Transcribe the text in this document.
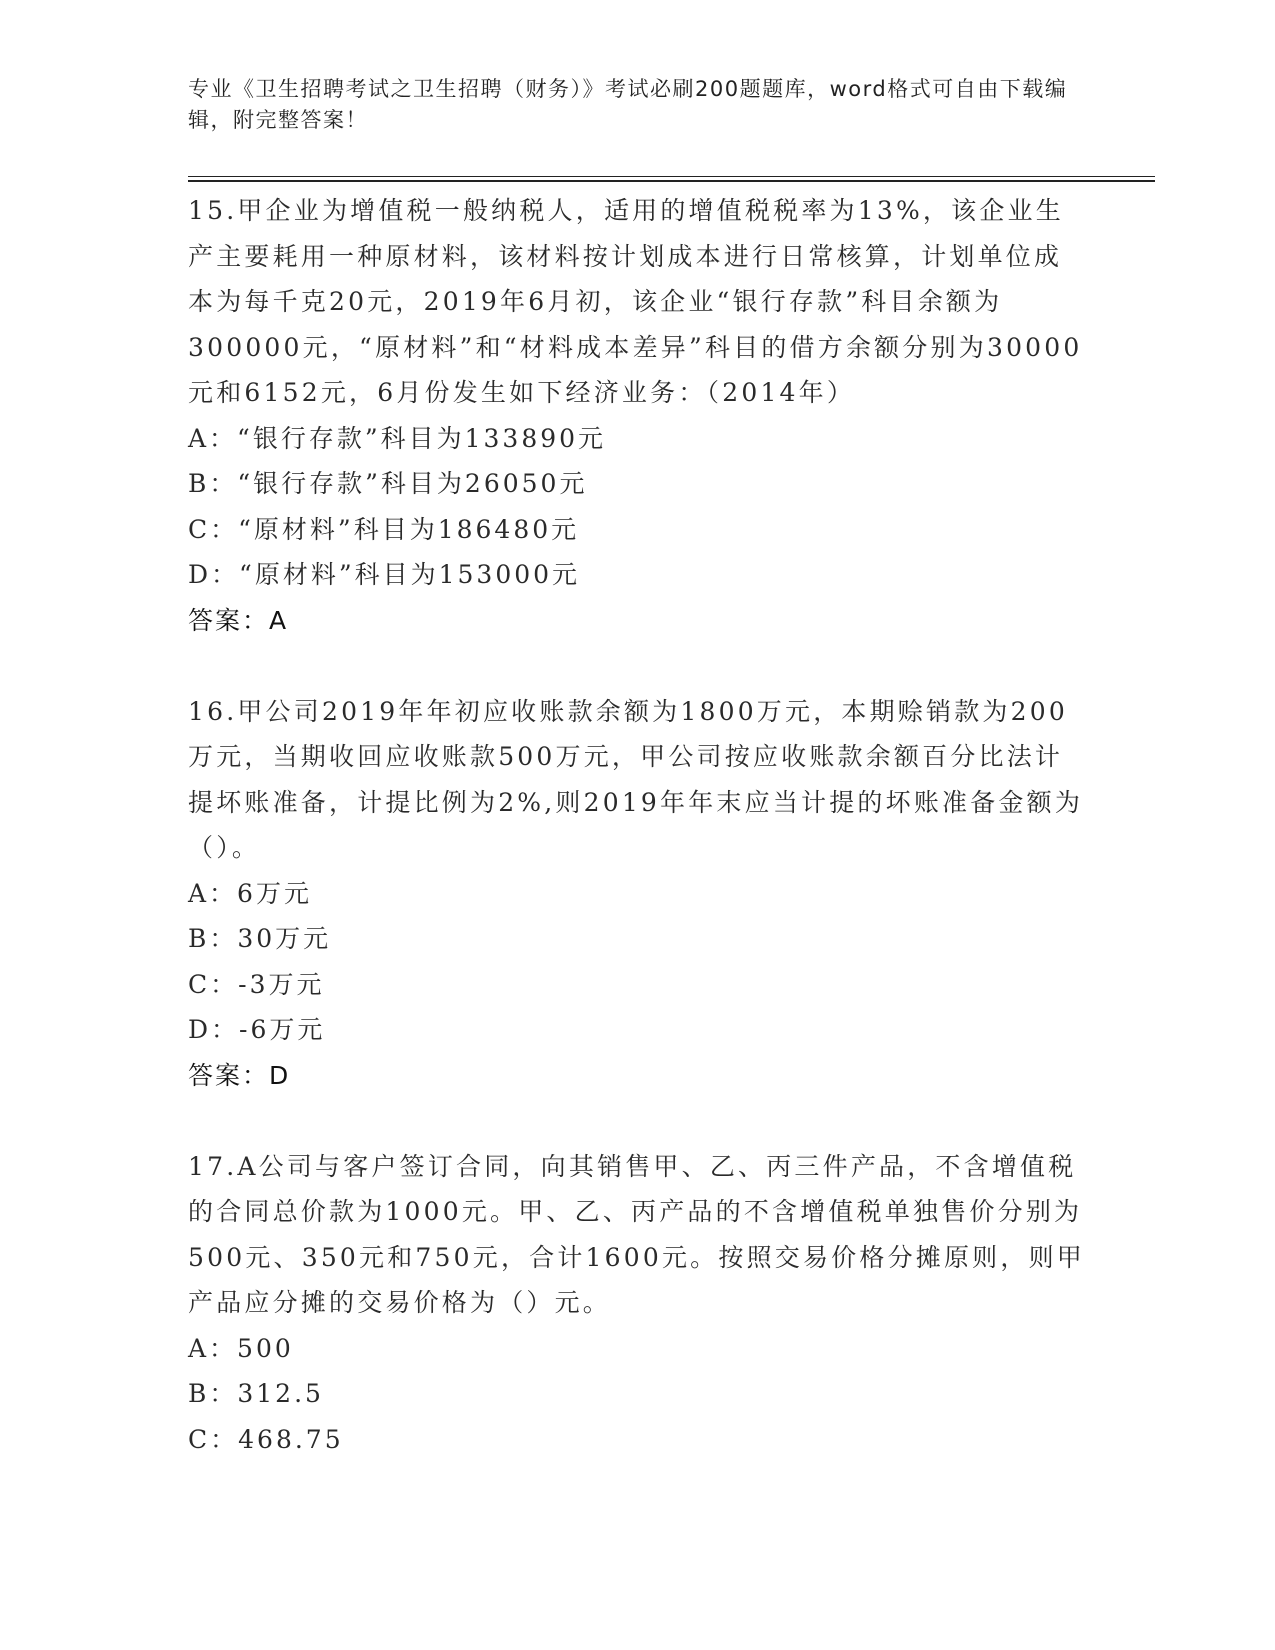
专业《卫生招聘考试之卫生招聘（财务）》考试必刷200题题库，word格式可自由下载编辑，附完整答案！

15.甲企业为增值税一般纳税人，适用的增值税税率为13%，该企业生产主要耗用一种原材料，该材料按计划成本进行日常核算，计划单位成本为每千克20元，2019年6月初，该企业“银行存款”科目余额为300000元，“原材料”和“材料成本差异”科目的借方余额分别为30000元和6152元，6月份发生如下经济业务：（2014年）

A：“银行存款”科目为133890元

B：“银行存款”科目为26050元

C：“原材料”科目为186480元

D：“原材料”科目为153000元

答案：A

16.甲公司2019年年初应收账款余额为1800万元，本期赊销款为200万元，当期收回应收账款500万元，甲公司按应收账款余额百分比法计提坏账准备，计提比例为2%,则2019年年末应当计提的坏账准备金额为（）。

A：6万元

B：30万元

C：-3万元

D：-6万元

答案：D

17.A公司与客户签订合同，向其销售甲、乙、丙三件产品，不含增值税的合同总价款为1000元。甲、乙、丙产品的不含增值税单独售价分别为500元、350元和750元，合计1600元。按照交易价格分摊原则，则甲产品应分摊的交易价格为（）元。

A：500

B：312.5

C：468.75
